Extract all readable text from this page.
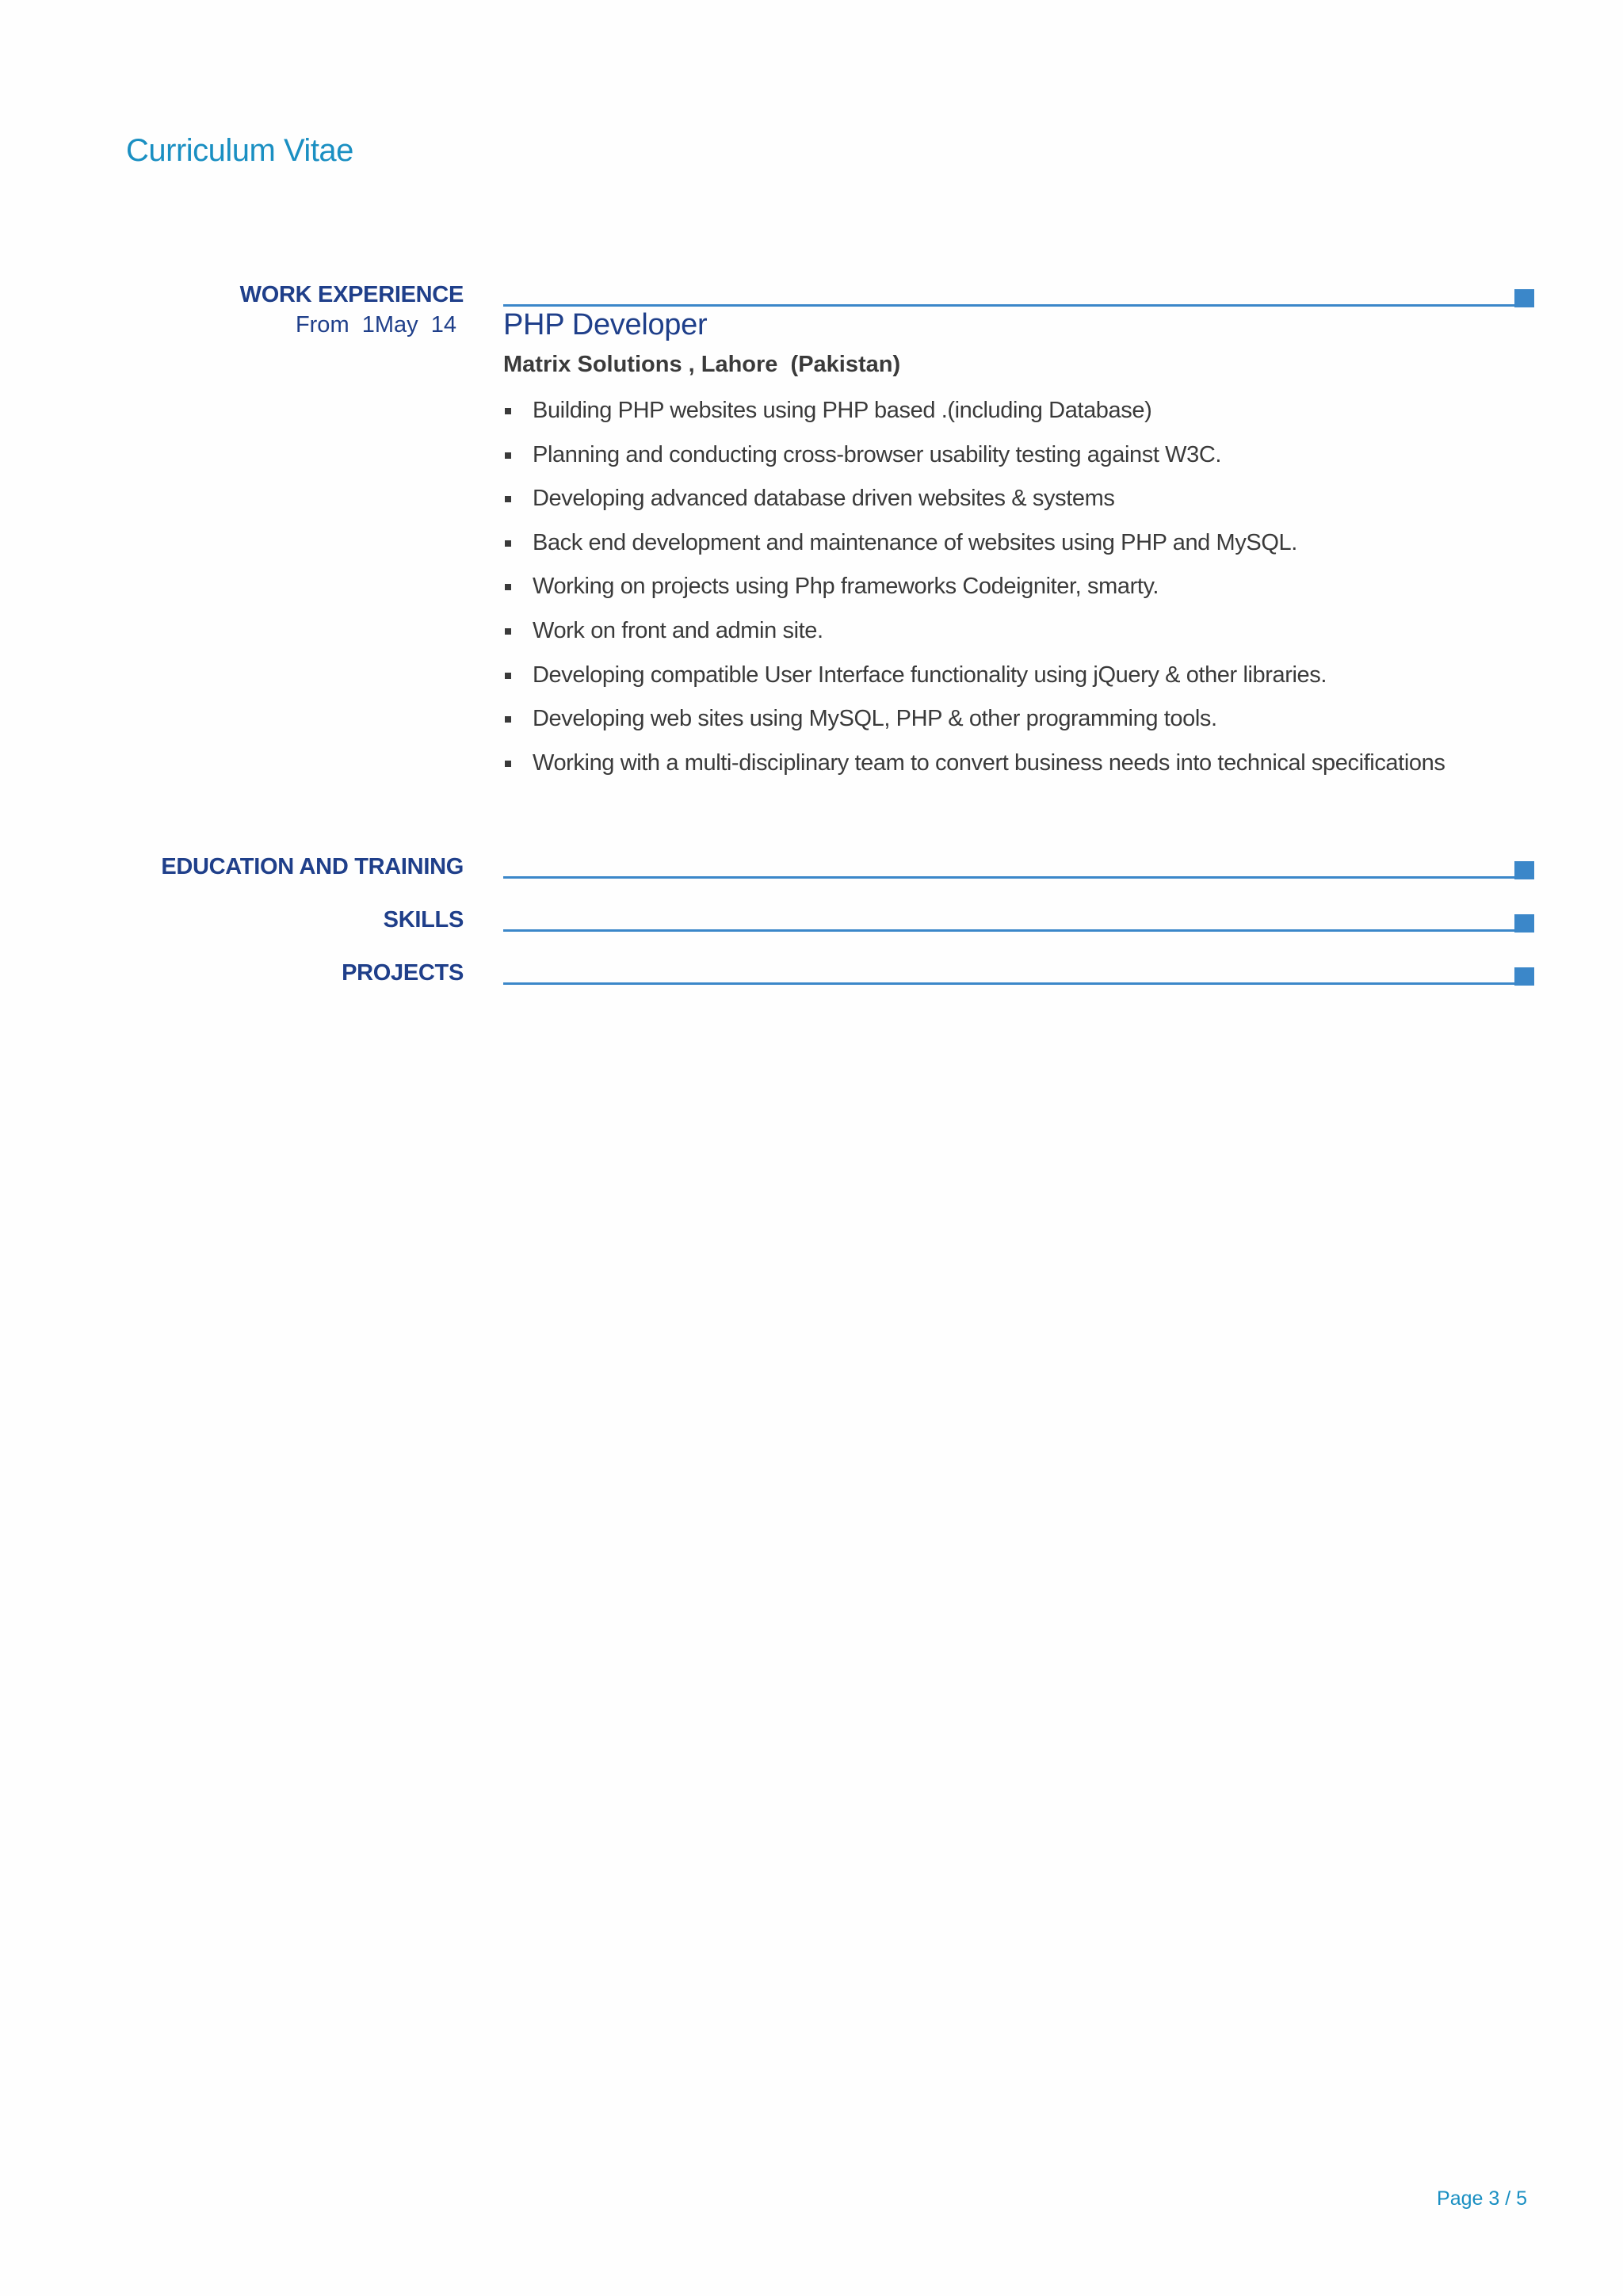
Curriculum Vitae
WORK EXPERIENCE
From  1May  14 PHP Developer
Matrix Solutions , Lahore  (Pakistan)
Building PHP websites using PHP based .(including Database)
Planning and conducting cross-browser usability testing against W3C.
Developing advanced database driven websites & systems
Back end development and maintenance of websites using PHP and MySQL.
Working on projects using Php frameworks Codeigniter, smarty.
Work on front and admin site.
Developing compatible User Interface functionality using jQuery & other libraries.
Developing web sites using MySQL, PHP & other programming tools.
Working with a multi-disciplinary team to convert business needs into technical specifications
EDUCATION AND TRAINING
SKILLS
PROJECTS
Page 3 / 5
